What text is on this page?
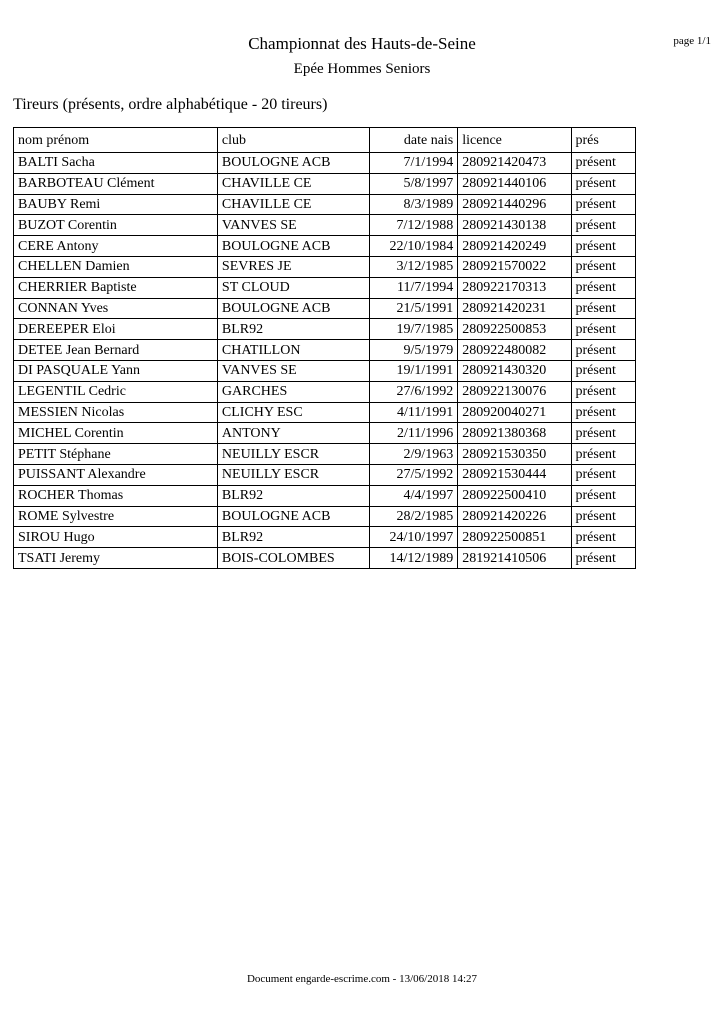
Championnat des Hauts-de-Seine
Epée Hommes Seniors
page 1/1
Tireurs (présents, ordre alphabétique - 20 tireurs)
nom prénom	club	date nais	licence	prés
BALTI Sacha	BOULOGNE ACB	7/1/1994	280921420473	présent
BARBOTEAU Clément	CHAVILLE CE	5/8/1997	280921440106	présent
BAUBY Remi	CHAVILLE CE	8/3/1989	280921440296	présent
BUZOT Corentin	VANVES SE	7/12/1988	280921430138	présent
CERE Antony	BOULOGNE ACB	22/10/1984	280921420249	présent
CHELLEN Damien	SEVRES JE	3/12/1985	280921570022	présent
CHERRIER Baptiste	ST CLOUD	11/7/1994	280922170313	présent
CONNAN Yves	BOULOGNE ACB	21/5/1991	280921420231	présent
DEREEPER Eloi	BLR92	19/7/1985	280922500853	présent
DETEE Jean Bernard	CHATILLON	9/5/1979	280922480082	présent
DI PASQUALE Yann	VANVES SE	19/1/1991	280921430320	présent
LEGENTIL Cedric	GARCHES	27/6/1992	280922130076	présent
MESSIEN Nicolas	CLICHY ESC	4/11/1991	280920040271	présent
MICHEL Corentin	ANTONY	2/11/1996	280921380368	présent
PETIT Stéphane	NEUILLY ESCR	2/9/1963	280921530350	présent
PUISSANT Alexandre	NEUILLY ESCR	27/5/1992	280921530444	présent
ROCHER Thomas	BLR92	4/4/1997	280922500410	présent
ROME Sylvestre	BOULOGNE ACB	28/2/1985	280921420226	présent
SIROU Hugo	BLR92	24/10/1997	280922500851	présent
TSATI Jeremy	BOIS-COLOMBES	14/12/1989	281921410506	présent
Document engarde-escrime.com - 13/06/2018 14:27
